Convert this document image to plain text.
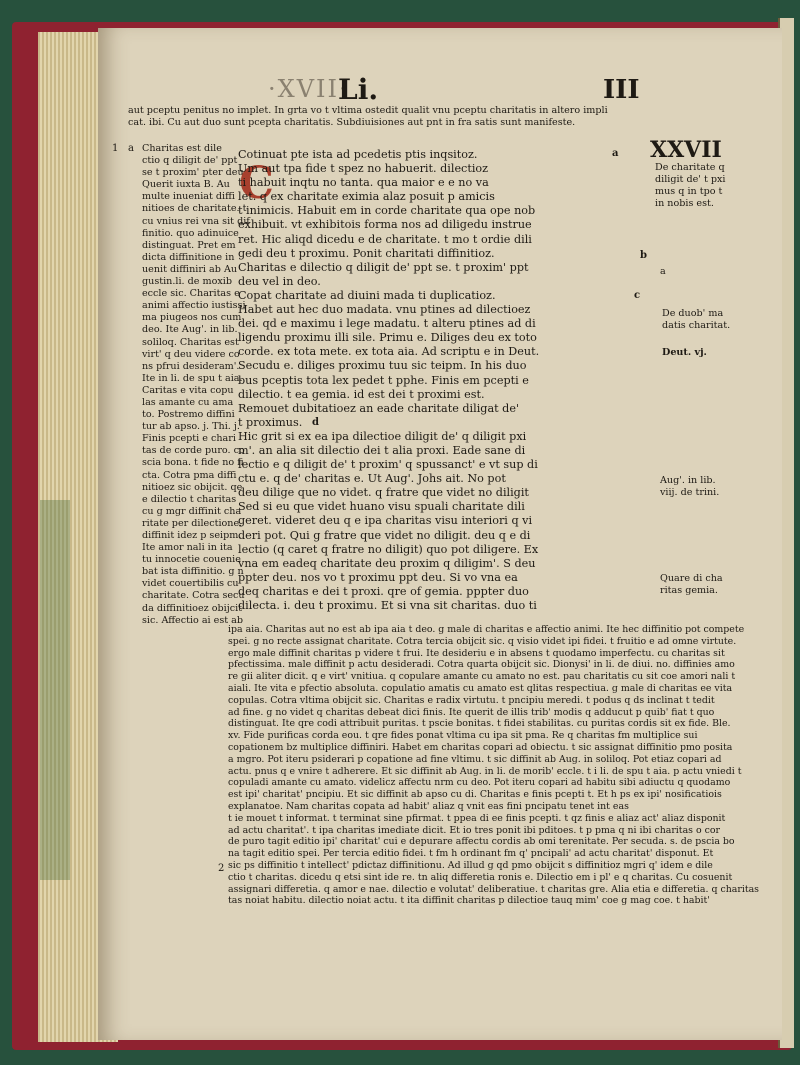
·XVII·
Li.	III
aut pceptu penitus no implet. In grta vo t vltima ostedit qualit vnu pceptu charitatis in altero impli
cat. ibi. Cu aut duo sunt pcepta charitatis. Subdiuisiones aut pnt in fra satis sunt manifeste.
1 a Charitas est dile
ctio q diligit de' ppt
se t proxim' pter deu.
Querit iuxta B. Au
multe inueniat diffi
nitioes de charitate. t
cu vnius rei vna sit dif
finitio. quo adinuice
distinguat. Pret em
dicta diffinitione in
uenit diffiniri ab Au
gustin.li. de moxib
eccle sic. Charitas e
animi affectio iustissi
ma piugeos nos cum
deo. Ite Aug'. in lib.
soliloq. Charitas est
virt' q deu videre co
ns pfrui desideram'.
Ite in li. de spu t aia.
Caritas e vita copu
las amante cu ama
to. Postremo diffini
tur ab apso. j. Thi. j.
Finis pcepti e chari
tas de corde puro. co
scia bona. t fide no fi
cta. Cotra pma diffi
nitioez sic obijcit. qe
e dilectio t charitas
cu g mgr diffinit cha
ritate per dilectione.
diffinit idez p seipm.
Ite amor nali in ita
tu innocetie couenie
bat ista diffinitio. g n
videt couertibilis cu
charitate. Cotra secu
da diffinitioez obijcit
sic. Affectio ai est ab
C
Cotinuat pte ista ad pcedetis ptis inqsitoz.
Um aut tpa fide t spez no habuerit. dilectioz
ti habuit inqtu no tanta. qua maior e e no va
let. q ex charitate eximia alaz posuit p amicis
t inimicis. Habuit em in corde charitate qua ope nob
exhibuit. vt exhibitois forma nos ad diligedu instrue
ret. Hic aliqd dicedu e de charitate. t mo t ordie dili
gedi deu t proximu. Ponit charitati diffinitioz.
Charitas e dilectio q diligit de' ppt se. t proxim' ppt
deu vel in deo.
Copat charitate ad diuini mada ti duplicatioz.
Habet aut hec duo madata. vnu ptines ad dilectioez
dei. qd e maximu i lege madatu. t alteru ptines ad di
ligendu proximu illi sile. Primu e. Diliges deu ex toto
corde. ex tota mete. ex tota aia. Ad scriptu e in Deut.
Secudu e. diliges proximu tuu sic teipm. In his duo
bus pceptis tota lex pedet t pphe. Finis em pcepti e
dilectio. t ea gemia. id est dei t proximi est.
Remouet dubitatioez an eade charitate diligat de'
t proximus.
Hic grit si ex ea ipa dilectioe diligit de' q diligit pxi
m'. an alia sit dilectio dei t alia proxi. Eade sane di
lectio e q diligit de' t proxim' q spussanct' e vt sup di
ctu e. q de' charitas e. Ut Aug'. Johs ait. No pot
deu dilige que no videt. q fratre que videt no diligit
Sed si eu que videt huano visu spuali charitate dili
geret. videret deu q e ipa charitas visu interiori q vi
deri pot. Qui g fratre que videt no diligit. deu q e di
lectio (q caret q fratre no diligit) quo pot diligere. Ex
vna em eadeq charitate deu proxim q diligim'. S deu
ppter deu. nos vo t proximu ppt deu. Si vo vna ea
deq charitas e dei t proxi. qre of gemia. pppter duo
dilecta. i. deu t proximu. Et si vna sit charitas. duo ti
a
b
c
d
XXVII
De charitate q
diligit de' t pxi
mus q in tpo t
in nobis est.
a
De duob' ma
datis charitat.
Deut. vj.
Aug'. in lib.
viij. de trini.
Quare di cha
ritas gemia.
ipa aia. Charitas aut no est ab ipa aia t deo. g male di charitas e affectio animi. Ite hec diffinitio pot compete
spei. g no recte assignat charitate. Cotra tercia obijcit sic. q visio videt ipi fidei. t fruitio e ad omne virtute.
ergo male diffinit charitas p videre t frui. Ite desideriu e in absens t quodamo imperfectu. cu charitas sit
pfectissima. male diffinit p actu desideradi. Cotra quarta obijcit sic. Dionysi' in li. de diui. no. diffinies amo
re gii aliter dicit. q e virt' vnitiua. q copulare amante cu amato no est. pau charitatis cu sit coe amori nali t
aiali. Ite vita e pfectio absoluta. copulatio amatis cu amato est qlitas respectiua. g male di charitas ee vita
copulas. Cotra vltima obijcit sic. Charitas e radix virtutu. t pncipiu meredi. t podus q ds inclinat t tedit
ad fine. g no videt q charitas debeat dici finis. Ite querit de illis trib' modis q adducut p quib' fiat t quo
distinguat. Ite qre codi attribuit puritas. t pscie bonitas. t fidei stabilitas. cu puritas cordis sit ex fide. Ble.
xv. Fide purificas corda eou. t qre fides ponat vltima cu ipa sit pma. Re q charitas fm multiplice sui
copationem bz multiplice diffiniri. Habet em charitas copari ad obiectu. t sic assignat diffinitio pmo posita
a mgro. Pot iteru psiderari p copatione ad fine vltimu. t sic diffinit ab Aug. in soliloq. Pot etiaz copari ad
actu. pnus q e vnire t adherere. Et sic diffinit ab Aug. in li. de morib' eccle. t i li. de spu t aia. p actu vniedi t
copuladi amante cu amato. videlicz affectu nrm cu deo. Pot iteru copari ad habitu sibi adiuctu q quodamo
est ipi' charitat' pncipiu. Et sic diffinit ab apso cu di. Charitas e finis pcepti t. Et h ps ex ipi' nosificatiois
explanatoe. Nam charitas copata ad habit' aliaz q vnit eas fini pncipatu tenet int eas
t ie mouet t informat. t terminat sine pfirmat. t ppea di ee finis pcepti. t qz finis e aliaz act' aliaz disponit
ad actu charitat'. t ipa charitas imediate dicit. Et io tres ponit ibi pditoes. t p pma q ni ibi charitas o cor
de puro tagit editio ipi' charitat' cui e depurare affectu cordis ab omi terenitate. Per secuda. s. de pscia bo
na tagit editio spei. Per tercia editio fidei. t fm h ordinant fm q' pncipali' ad actu charitat' disponut. Et
sic ps diffinitio t intellect' pdictaz diffinitionu. Ad illud g qd pmo obijcit s diffinitioz mgri q' idem e dile
ctio t charitas. dicedu q etsi sint ide re. tn aliq differetia ronis e. Dilectio em i pl' e q charitas. Cu cosuenit
assignari differetia. q amor e nae. dilectio e volutat' deliberatiue. t charitas gre. Alia etia e differetia. q charitas
tas noiat habitu. dilectio noiat actu. t ita diffinit charitas p dilectioe tauq mim' coe g mag coe. t habit'
2
